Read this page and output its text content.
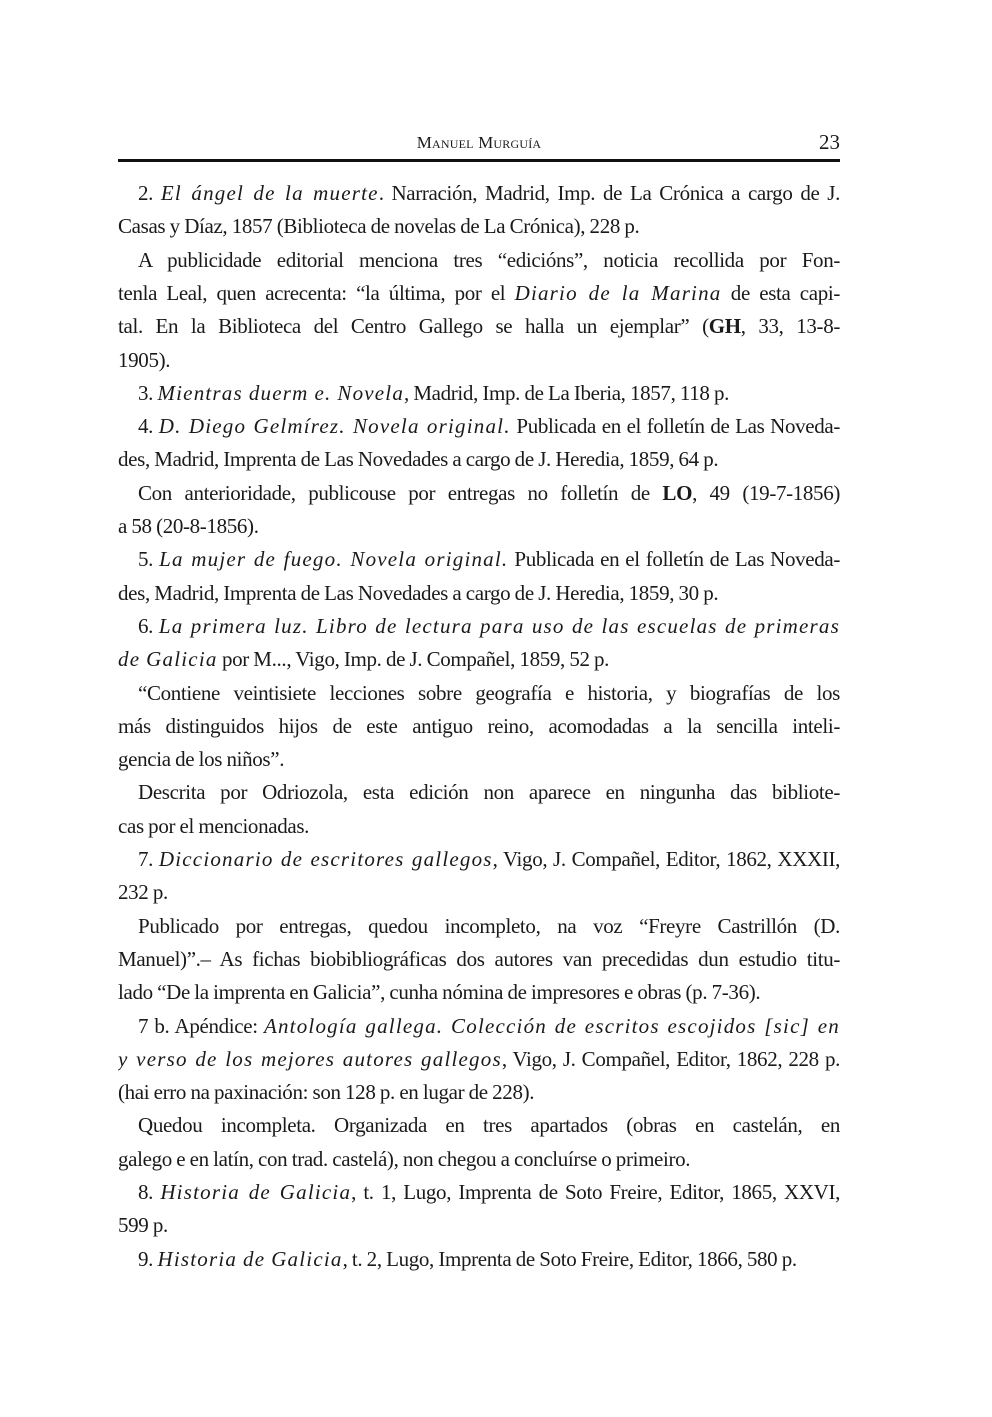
Manuel Murguía	23
2. El ángel de la muerte. Narración, Madrid, Imp. de La Crónica a cargo de J.
Casas y Díaz, 1857 (Biblioteca de novelas de La Crónica), 228 p.
A publicidade editorial menciona tres “edicións”, noticia recollida por Fon-
tenla Leal, quen acrecenta: “la última, por el Diario de la Marina de esta capi-
tal. En la Biblioteca del Centro Gallego se halla un ejemplar” (GH, 33, 13-8-
1905).
3. Mientras duerm e. Novela, Madrid, Imp. de La Iberia, 1857, 118 p.
4. D. Diego Gelmírez. Novela original. Publicada en el folletín de Las Noveda-
des, Madrid, Imprenta de Las Novedades a cargo de J. Heredia, 1859, 64 p.
Con anterioridade, publicouse por entregas no folletín de LO, 49 (19-7-1856)
a 58 (20-8-1856).
5. La mujer de fuego. Novela original. Publicada en el folletín de Las Noveda-
des, Madrid, Imprenta de Las Novedades a cargo de J. Heredia, 1859, 30 p.
6. La primera luz. Libro de lectura para uso de las escuelas de primeras
de Galicia por M..., Vigo, Imp. de J. Compañel, 1859, 52 p.
“Contiene veintisiete lecciones sobre geografía e historia, y biografías de los
más distinguidos hijos de este antiguo reino, acomodadas a la sencilla inteli-
gencia de los niños”.
Descrita por Odriozola, esta edición non aparece en ningunha das bibliote-
cas por el mencionadas.
7. Diccionario de escritores gallegos, Vigo, J. Compañel, Editor, 1862, XXXII,
232 p.
Publicado por entregas, quedou incompleto, na voz “Freyre Castrillón (D.
Manuel)”.– As fichas biobibliográficas dos autores van precedidas dun estudio titu-
lado “De la imprenta en Galicia”, cunha nómina de impresores e obras (p. 7-36).
7 b. Apéndice: Antología gallega. Colección de escritos escojidos [sic] en
y verso de los mejores autores gallegos, Vigo, J. Compañel, Editor, 1862, 228 p.
(hai erro na paxinación: son 128 p. en lugar de 228).
Quedou incompleta. Organizada en tres apartados (obras en castelán, en
galego e en latín, con trad. castelá), non chegou a concluírse o primeiro.
8. Historia de Galicia, t. 1, Lugo, Imprenta de Soto Freire, Editor, 1865, XXVI,
599 p.
9. Historia de Galicia, t. 2, Lugo, Imprenta de Soto Freire, Editor, 1866, 580 p.
